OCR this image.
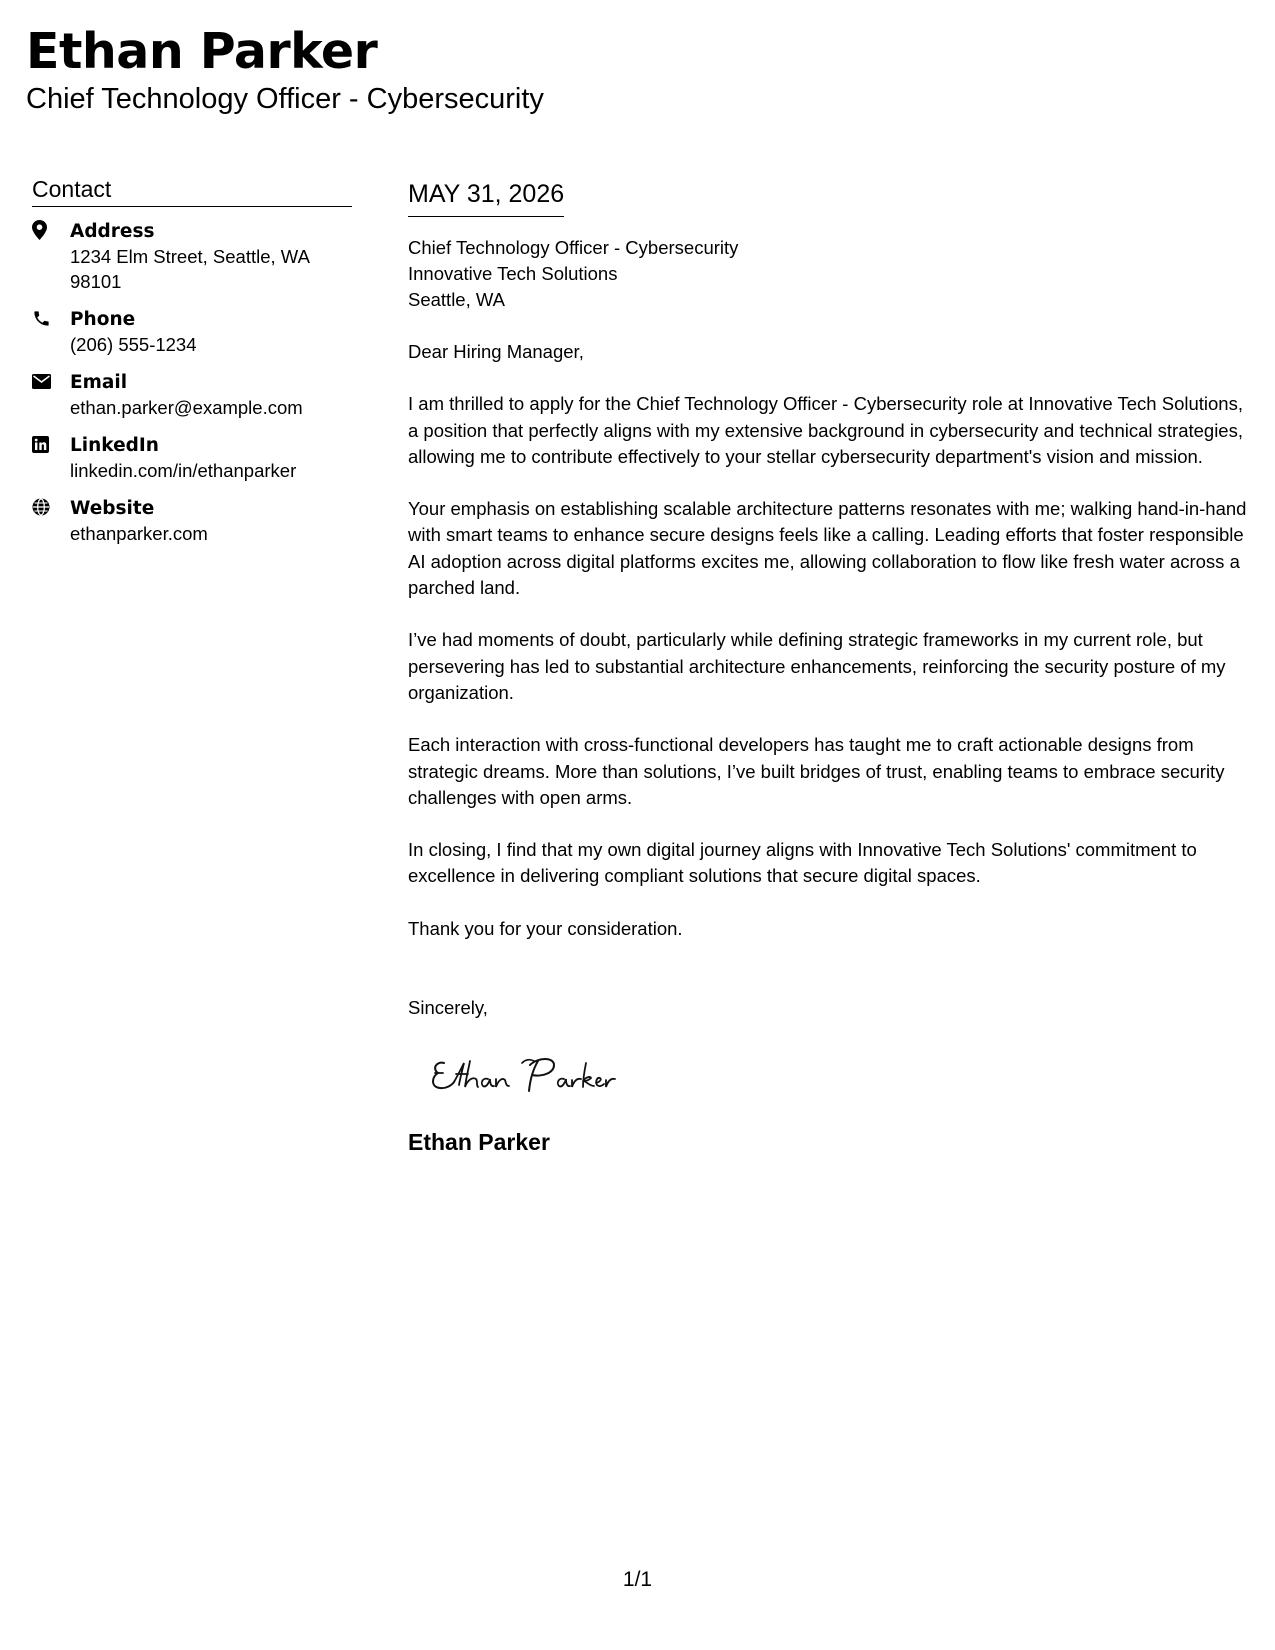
Ethan Parker
Chief Technology Officer - Cybersecurity
Contact
Address
1234 Elm Street, Seattle, WA 98101
Phone
(206) 555-1234
Email
ethan.parker@example.com
LinkedIn
linkedin.com/in/ethanparker
Website
ethanparker.com
MAY 31, 2026
Chief Technology Officer - Cybersecurity
Innovative Tech Solutions
Seattle, WA

Dear Hiring Manager,

I am thrilled to apply for the Chief Technology Officer - Cybersecurity role at Innovative Tech Solutions, a position that perfectly aligns with my extensive background in cybersecurity and technical strategies, allowing me to contribute effectively to your stellar cybersecurity department's vision and mission.

Your emphasis on establishing scalable architecture patterns resonates with me; walking hand-in-hand with smart teams to enhance secure designs feels like a calling. Leading efforts that foster responsible AI adoption across digital platforms excites me, allowing collaboration to flow like fresh water across a parched land.

I’ve had moments of doubt, particularly while defining strategic frameworks in my current role, but persevering has led to substantial architecture enhancements, reinforcing the security posture of my organization.

Each interaction with cross-functional developers has taught me to craft actionable designs from strategic dreams. More than solutions, I’ve built bridges of trust, enabling teams to embrace security challenges with open arms.

In closing, I find that my own digital journey aligns with Innovative Tech Solutions' commitment to excellence in delivering compliant solutions that secure digital spaces.

Thank you for your consideration.

Sincerely,
Ethan Parker
1/1
